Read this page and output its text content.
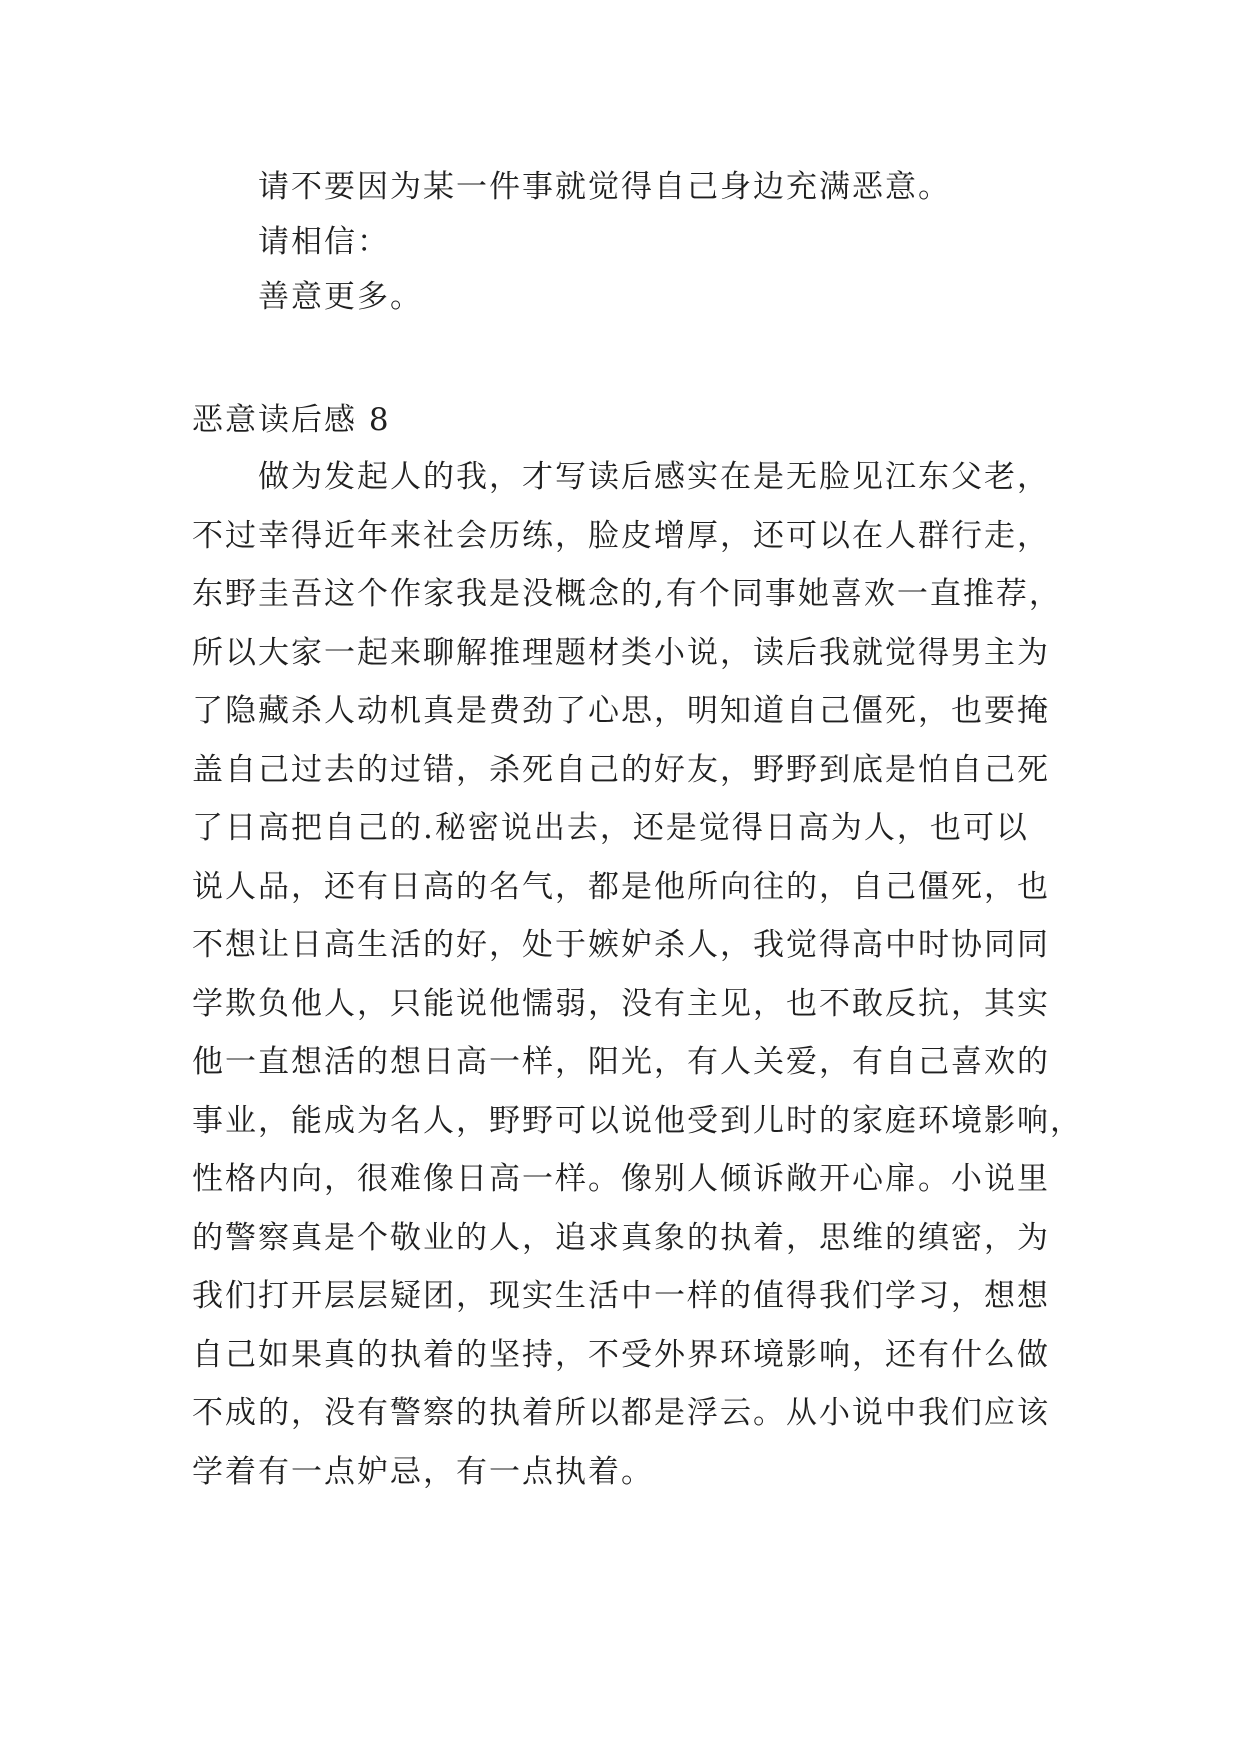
请不要因为某一件事就觉得自己身边充满恶意。
请相信：
善意更多。
恶意读后感 8
做为发起人的我，才写读后感实在是无脸见江东父老，
不过幸得近年来社会历练，脸皮增厚，还可以在人群行走，
东野圭吾这个作家我是没概念的,有个同事她喜欢一直推荐，
所以大家一起来聊解推理题材类小说，读后我就觉得男主为
了隐藏杀人动机真是费劲了心思，明知道自己僵死，也要掩
盖自己过去的过错，杀死自己的好友，野野到底是怕自己死
了日高把自己的.秘密说出去，还是觉得日高为人，也可以
说人品，还有日高的名气，都是他所向往的，自己僵死，也
不想让日高生活的好，处于嫉妒杀人，我觉得高中时协同同
学欺负他人，只能说他懦弱，没有主见，也不敢反抗，其实
他一直想活的想日高一样，阳光，有人关爱，有自己喜欢的
事业，能成为名人，野野可以说他受到儿时的家庭环境影响，
性格内向，很难像日高一样。像别人倾诉敞开心扉。小说里
的警察真是个敬业的人，追求真象的执着，思维的缜密，为
我们打开层层疑团，现实生活中一样的值得我们学习，想想
自己如果真的执着的坚持，不受外界环境影响，还有什么做
不成的，没有警察的执着所以都是浮云。从小说中我们应该
学着有一点妒忌，有一点执着。
